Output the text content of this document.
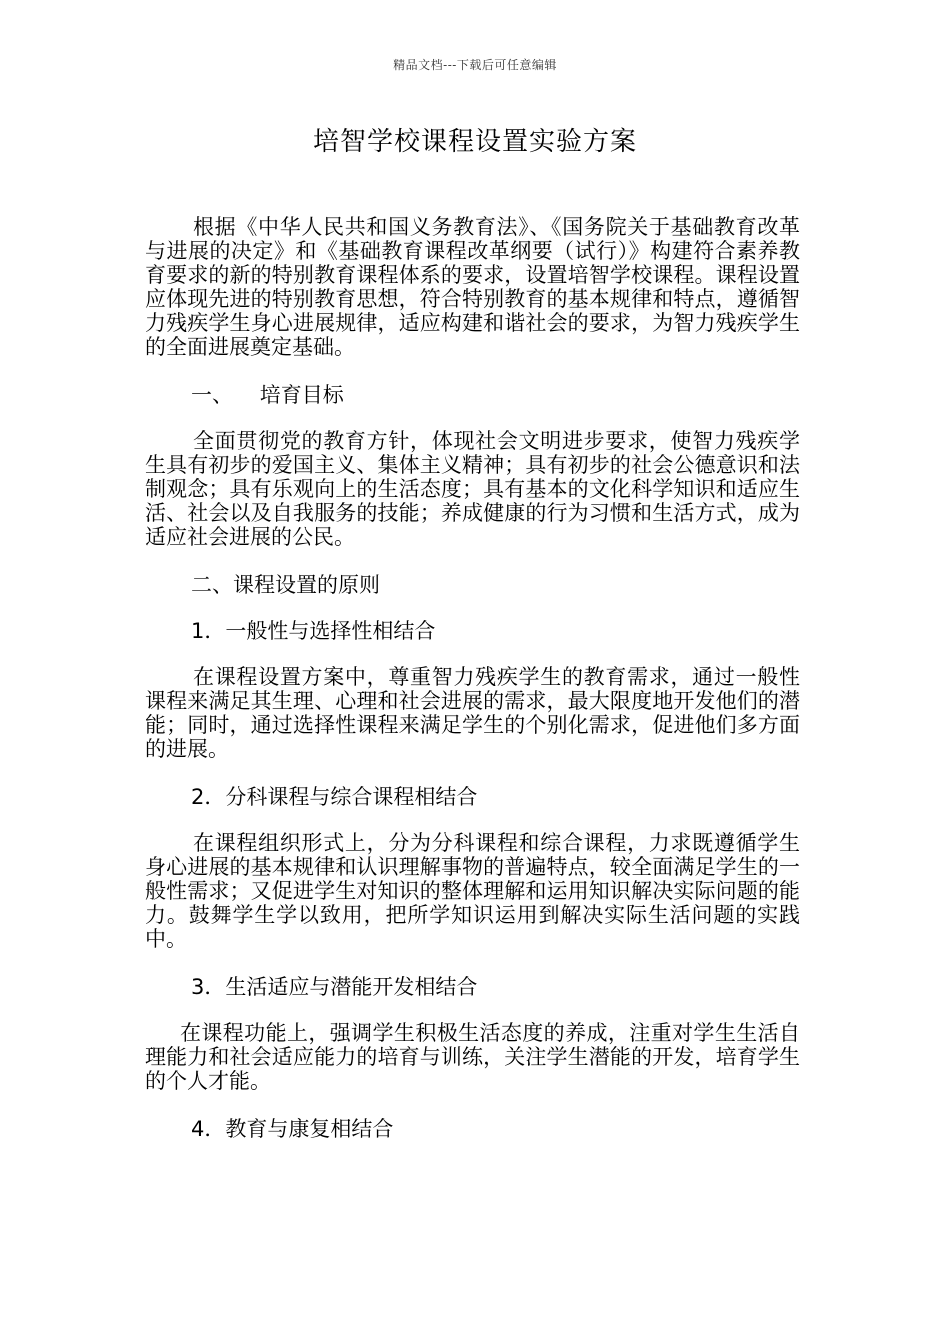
精品文档---下载后可任意编辑
培智学校课程设置实验方案

根据《中华人民共和国义务教育法》、《国务院关于基础教育改革与进展的决定》和《基础教育课程改革纲要（试行）》构建符合素养教育要求的新的特别教育课程体系的要求，设置培智学校课程。课程设置应体现先进的特别教育思想，符合特别教育的基本规律和特点，遵循智力残疾学生身心进展规律，适应构建和谐社会的要求，为智力残疾学生的全面进展奠定基础。

一、    培育目标

全面贯彻党的教育方针，体现社会文明进步要求，使智力残疾学生具有初步的爱国主义、集体主义精神；具有初步的社会公德意识和法制观念；具有乐观向上的生活态度；具有基本的文化科学知识和适应生活、社会以及自我服务的技能；养成健康的行为习惯和生活方式，成为适应社会进展的公民。

二、课程设置的原则

1．一般性与选择性相结合

在课程设置方案中，尊重智力残疾学生的教育需求，通过一般性课程来满足其生理、心理和社会进展的需求，最大限度地开发他们的潜能；同时，通过选择性课程来满足学生的个别化需求，促进他们多方面的进展。

2．分科课程与综合课程相结合

在课程组织形式上，分为分科课程和综合课程，力求既遵循学生身心进展的基本规律和认识理解事物的普遍特点，较全面满足学生的一般性需求；又促进学生对知识的整体理解和运用知识解决实际问题的能力。鼓舞学生学以致用，把所学知识运用到解决实际生活问题的实践中。

3．生活适应与潜能开发相结合

在课程功能上，强调学生积极生活态度的养成，注重对学生生活自理能力和社会适应能力的培育与训练，关注学生潜能的开发，培育学生的个人才能。

4．教育与康复相结合
